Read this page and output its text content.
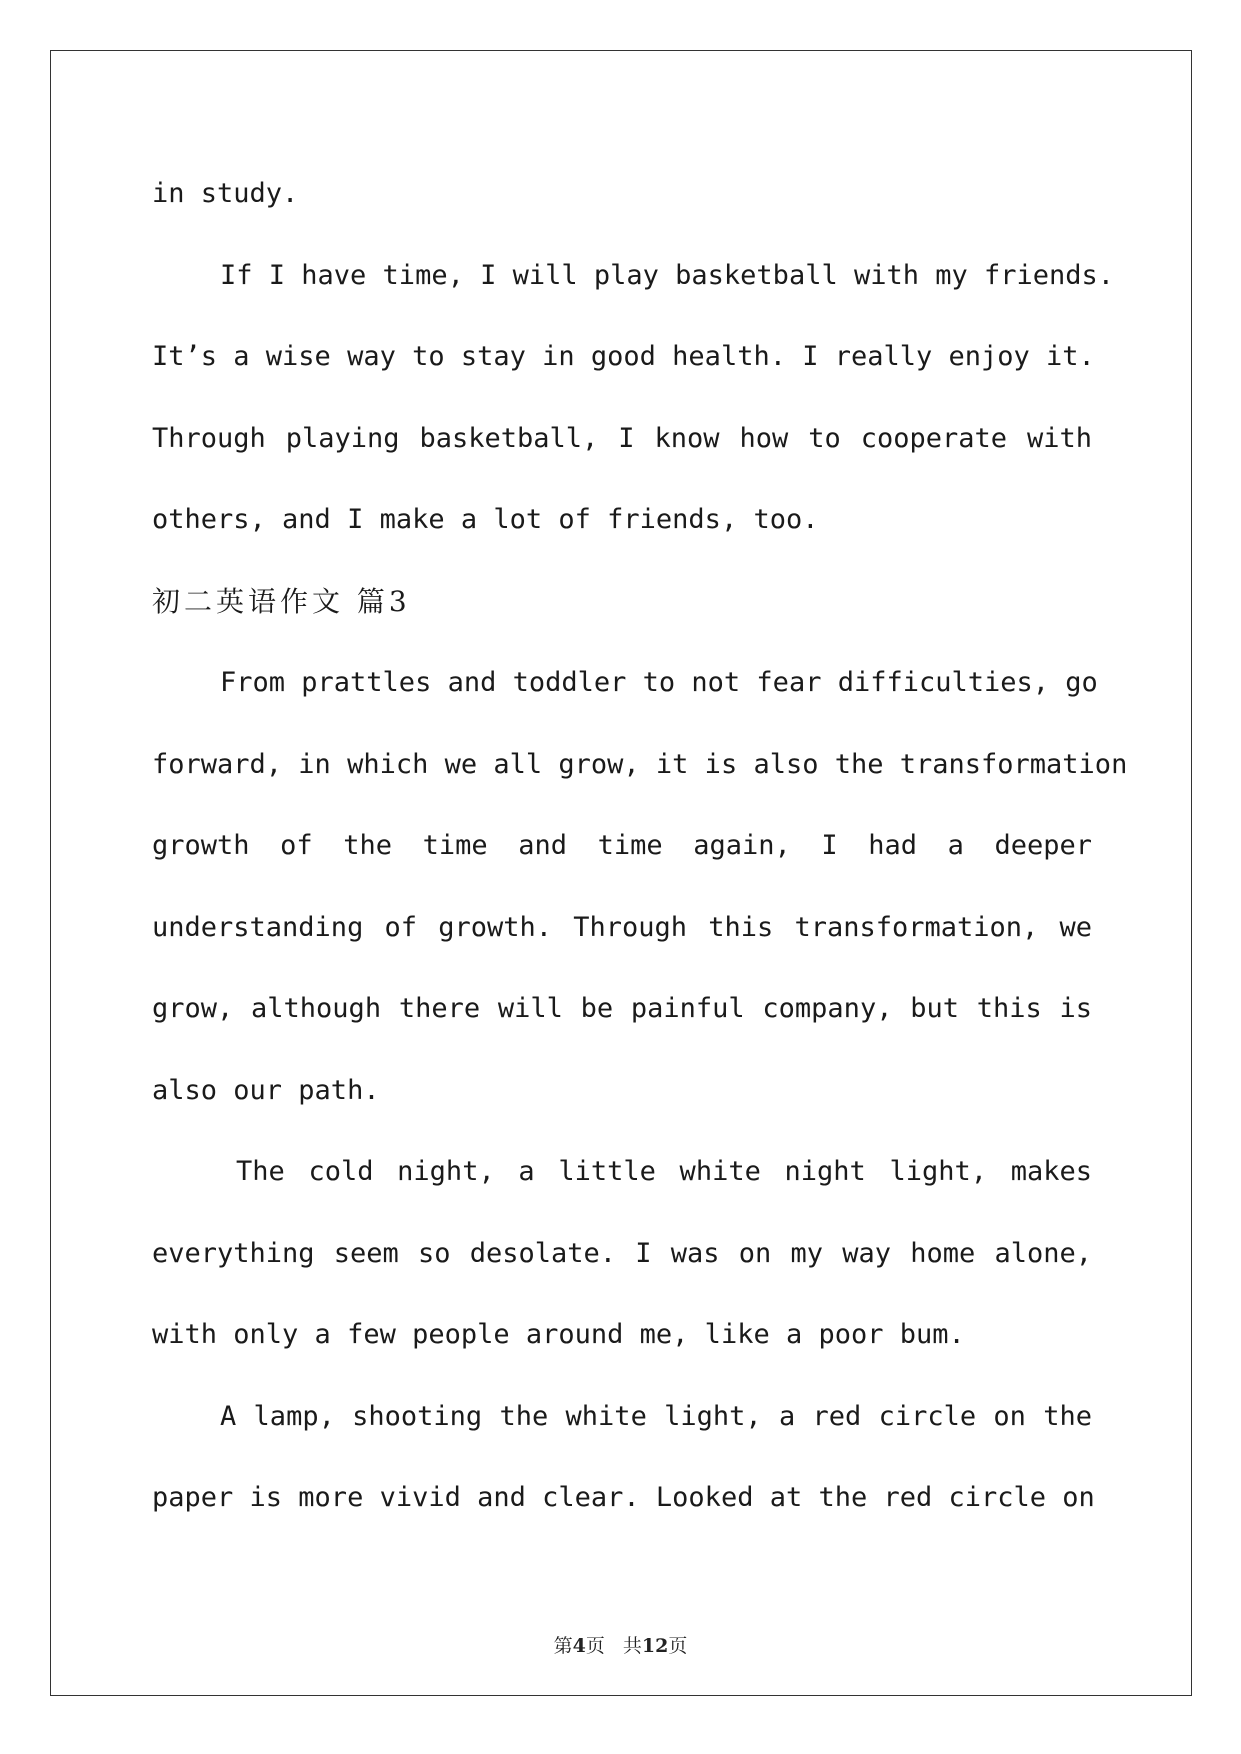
in study.
If I have time, I will play basketball with my friends.
It’s a wise way to stay in good health. I really enjoy it.
Through playing basketball, I know how to cooperate with
others, and I make a lot of friends, too.
初二英语作文 篇3
From prattles and toddler to not fear difficulties, go
forward, in which we all grow, it is also the transformation
growth of the time and time again, I had a deeper
understanding of growth. Through this transformation, we
grow, although there will be painful company, but this is
also our path.
The cold night, a little white night light, makes
everything seem so desolate. I was on my way home alone,
with only a few people around me, like a poor bum.
A lamp, shooting the white light, a red circle on the
paper is more vivid and clear. Looked at the red circle on
第4页 共12页
